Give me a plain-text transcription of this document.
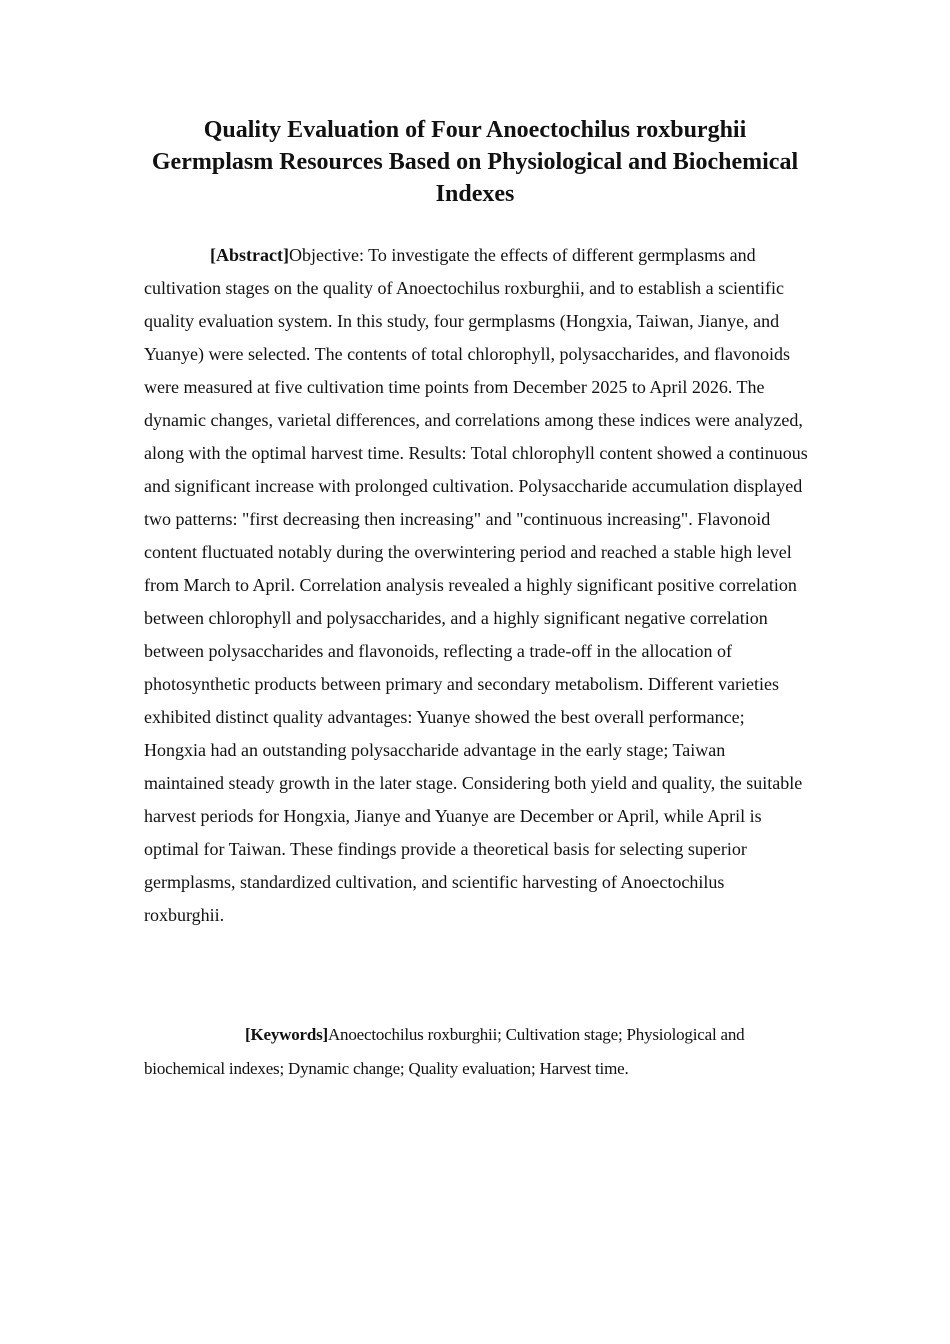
Quality Evaluation of Four Anoectochilus roxburghii Germplasm Resources Based on Physiological and Biochemical Indexes

[Abstract]Objective: To investigate the effects of different germplasms and cultivation stages on the quality of Anoectochilus roxburghii, and to establish a scientific quality evaluation system. In this study, four germplasms (Hongxia, Taiwan, Jianye, and Yuanye) were selected. The contents of total chlorophyll, polysaccharides, and flavonoids were measured at five cultivation time points from December 2025 to April 2026. The dynamic changes, varietal differences, and correlations among these indices were analyzed, along with the optimal harvest time. Results: Total chlorophyll content showed a continuous and significant increase with prolonged cultivation. Polysaccharide accumulation displayed two patterns: "first decreasing then increasing" and "continuous increasing". Flavonoid content fluctuated notably during the overwintering period and reached a stable high level from March to April. Correlation analysis revealed a highly significant positive correlation between chlorophyll and polysaccharides, and a highly significant negative correlation between polysaccharides and flavonoids, reflecting a trade-off in the allocation of photosynthetic products between primary and secondary metabolism. Different varieties exhibited distinct quality advantages: Yuanye showed the best overall performance; Hongxia had an outstanding polysaccharide advantage in the early stage; Taiwan maintained steady growth in the later stage. Considering both yield and quality, the suitable harvest periods for Hongxia, Jianye and Yuanye are December or April, while April is optimal for Taiwan. These findings provide a theoretical basis for selecting superior germplasms, standardized cultivation, and scientific harvesting of Anoectochilus roxburghii.

[Keywords]Anoectochilus roxburghii; Cultivation stage; Physiological and biochemical indexes; Dynamic change; Quality evaluation; Harvest time.
